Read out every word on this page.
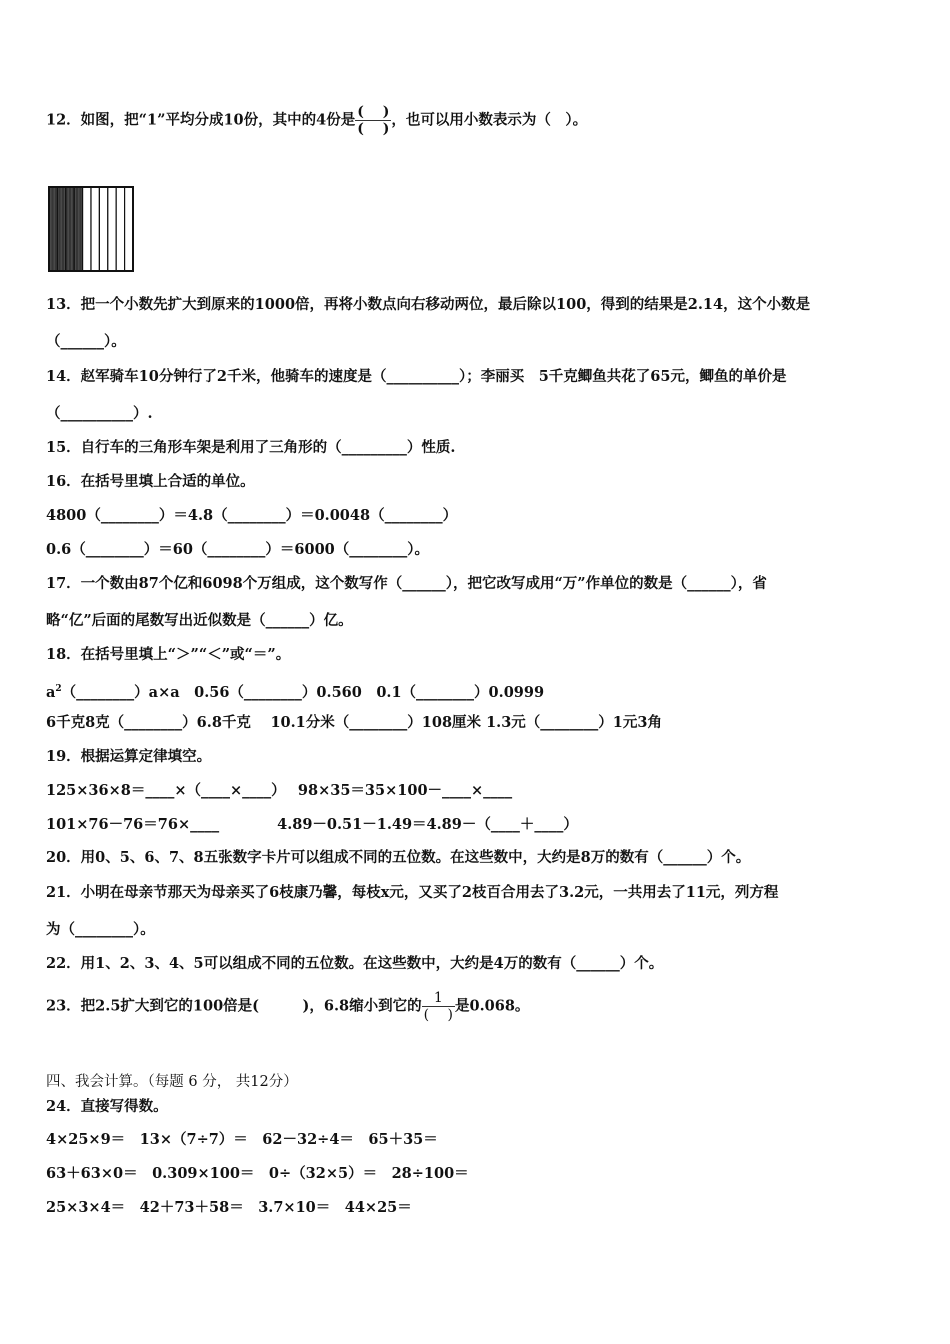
12．如图，把“1”平均分成10份，其中的4份是 $\frac{( )}{( )}$ ，也可以用小数表示为（　）。
13．把一个小数先扩大到原来的1000倍，再将小数点向右移动两位，最后除以100，得到的结果是2.14，这个小数是
（______）。
14．赵军骑车10分钟行了2千米，他骑车的速度是（__________）；李丽买　5千克鲫鱼共花了65元，鲫鱼的单价是
（__________）.
15．自行车的三角形车架是利用了三角形的（_________）性质.
16．在括号里填上合适的单位。
4800（________）＝4.8（________）＝0.0048（________）
0.6（________）＝60（________）＝6000（________）。
17．一个数由87个亿和6098个万组成，这个数写作（______），把它改写成用“万”作单位的数是（______），省
略“亿”后面的尾数写出近似数是（______）亿。
18．在括号里填上“＞”“＜”或“＝”。
$a^2(\_\_\_\_\_\_\_\_)a\times a$　0.56（________）0.560　0.1（________）0.0999
6千克8克（________）6.8千克　 10.1分米（________）108厘米 1.3元（________）1元3角
19．根据运算定律填空。
125×36×8＝____×（____×____）　 98×35＝35×100－____×____
101×76－76＝76×____　　　　4.89－0.51－1.49＝4.89－（____＋____）
20．用0、5、6、7、8五张数字卡片可以组成不同的五位数。在这些数中，大约是8万的数有（______）个。
21．小明在母亲节那天为母亲买了6枝康乃馨，每枝x元，又买了2枝百合用去了3.2元，一共用去了11元，列方程
为（________）。
22．用1、2、3、4、5可以组成不同的五位数。在这些数中，大约是4万的数有（______）个。
23．把2.5扩大到它的100倍是(　　　)，6.8缩小到它的 $\frac{1}{( )}$ 是0.068。
四、我会计算。（每题 6 分， 共12分）
24．直接写得数。
4×25×9＝　13×（7÷7）＝　62－32÷4＝　65＋35＝
63＋63×0＝　0.309×100＝　0÷（32×5）＝　28÷100＝
25×3×4＝　42＋73＋58＝　3.7×10＝　44×25＝
